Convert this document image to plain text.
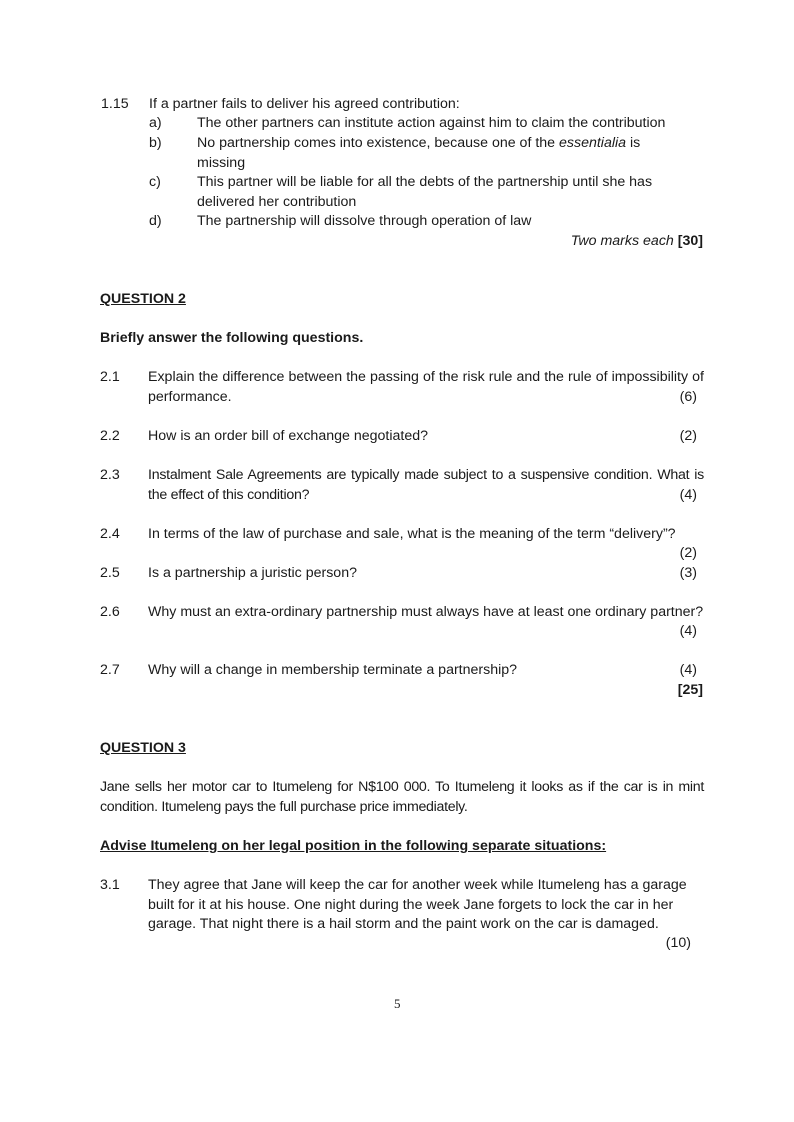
1.15 If a partner fails to deliver his agreed contribution:
a) The other partners can institute action against him to claim the contribution
b) No partnership comes into existence, because one of the essentialia is missing
c)	This partner will be liable for all the debts of the partnership until she has delivered her contribution
d) The partnership will dissolve through operation of law
Two marks each [30]
QUESTION 2
Briefly answer the following questions.
2.1 Explain the difference between the passing of the risk rule and the rule of impossibility of performance.	(6)
2.2 How is an order bill of exchange negotiated?	(2)
2.3 Instalment Sale Agreements are typically made subject to a suspensive condition. What is the effect of this condition?	(4)
2.4 In terms of the law of purchase and sale, what is the meaning of the term “delivery”?
(2)
2.5 Is a partnership a juristic person?	(3)
2.6 Why must an extra-ordinary partnership must always have at least one ordinary partner?
(4)
2.7 Why will a change in membership terminate a partnership?	(4)
[25]
QUESTION 3
Jane sells her motor car to Itumeleng for N$100 000. To Itumeleng it looks as if the car is in mint condition. Itumeleng pays the full purchase price immediately.
Advise Itumeleng on her legal position in the following separate situations:
3.1 They agree that Jane will keep the car for another week while Itumeleng has a garage built for it at his house. One night during the week Jane forgets to lock the car in her garage. That night there is a hail storm and the paint work on the car is damaged.
(10)
5
